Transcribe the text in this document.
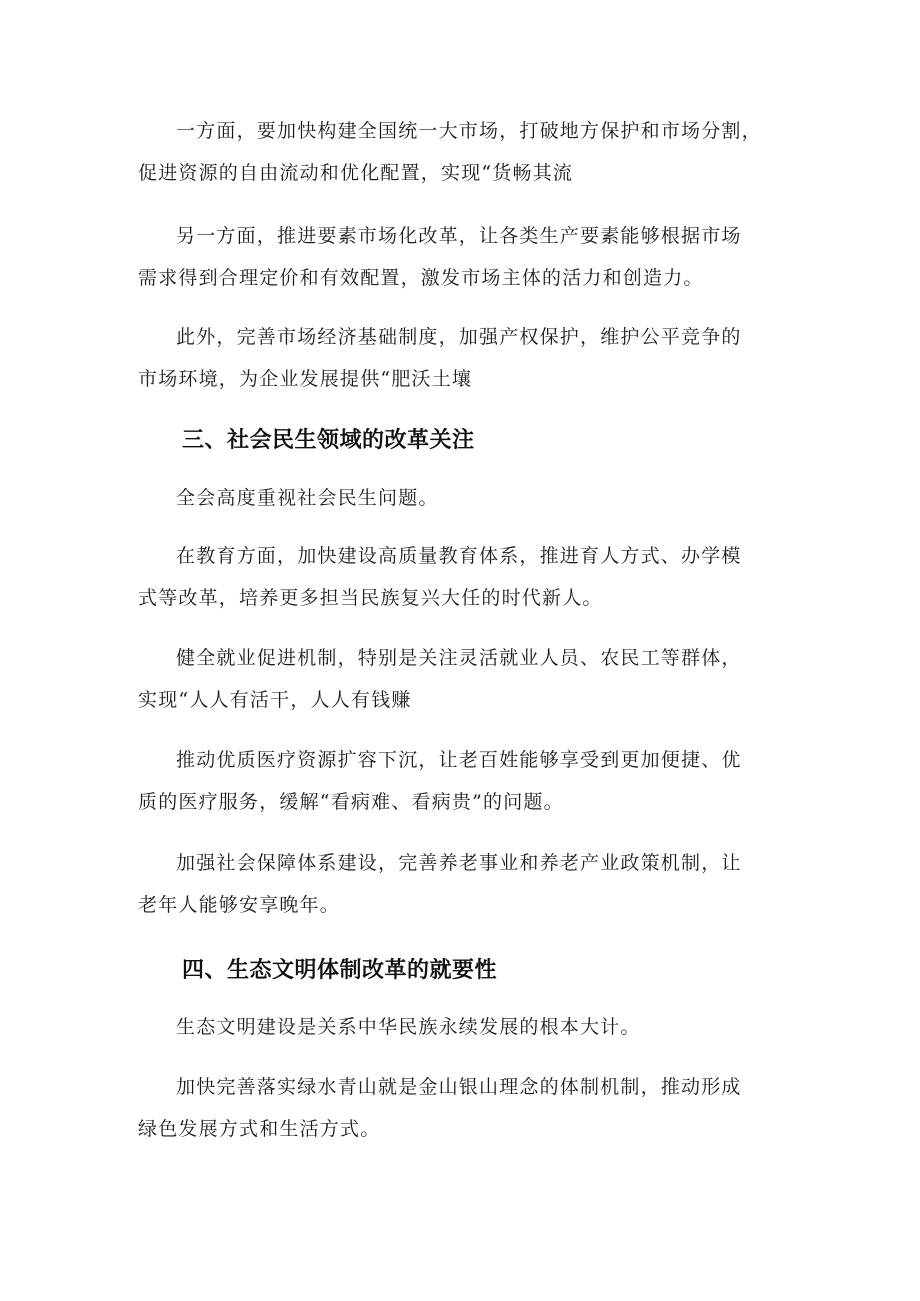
一方面，要加快构建全国统一大市场，打破地方保护和市场分割，
促进资源的自由流动和优化配置，实现“货畅其流

另一方面，推进要素市场化改革，让各类生产要素能够根据市场
需求得到合理定价和有效配置，激发市场主体的活力和创造力。

此外，完善市场经济基础制度，加强产权保护，维护公平竞争的
市场环境，为企业发展提供“肥沃土壤

三、社会民生领域的改革关注

全会高度重视社会民生问题。

在教育方面，加快建设高质量教育体系，推进育人方式、办学模
式等改革，培养更多担当民族复兴大任的时代新人。

健全就业促进机制，特别是关注灵活就业人员、农民工等群体，
实现“人人有活干，人人有钱赚

推动优质医疗资源扩容下沉，让老百姓能够享受到更加便捷、优
质的医疗服务，缓解“看病难、看病贵”的问题。

加强社会保障体系建设，完善养老事业和养老产业政策机制，让
老年人能够安享晚年。

四、生态文明体制改革的就要性

生态文明建设是关系中华民族永续发展的根本大计。

加快完善落实绿水青山就是金山银山理念的体制机制，推动形成
绿色发展方式和生活方式。
